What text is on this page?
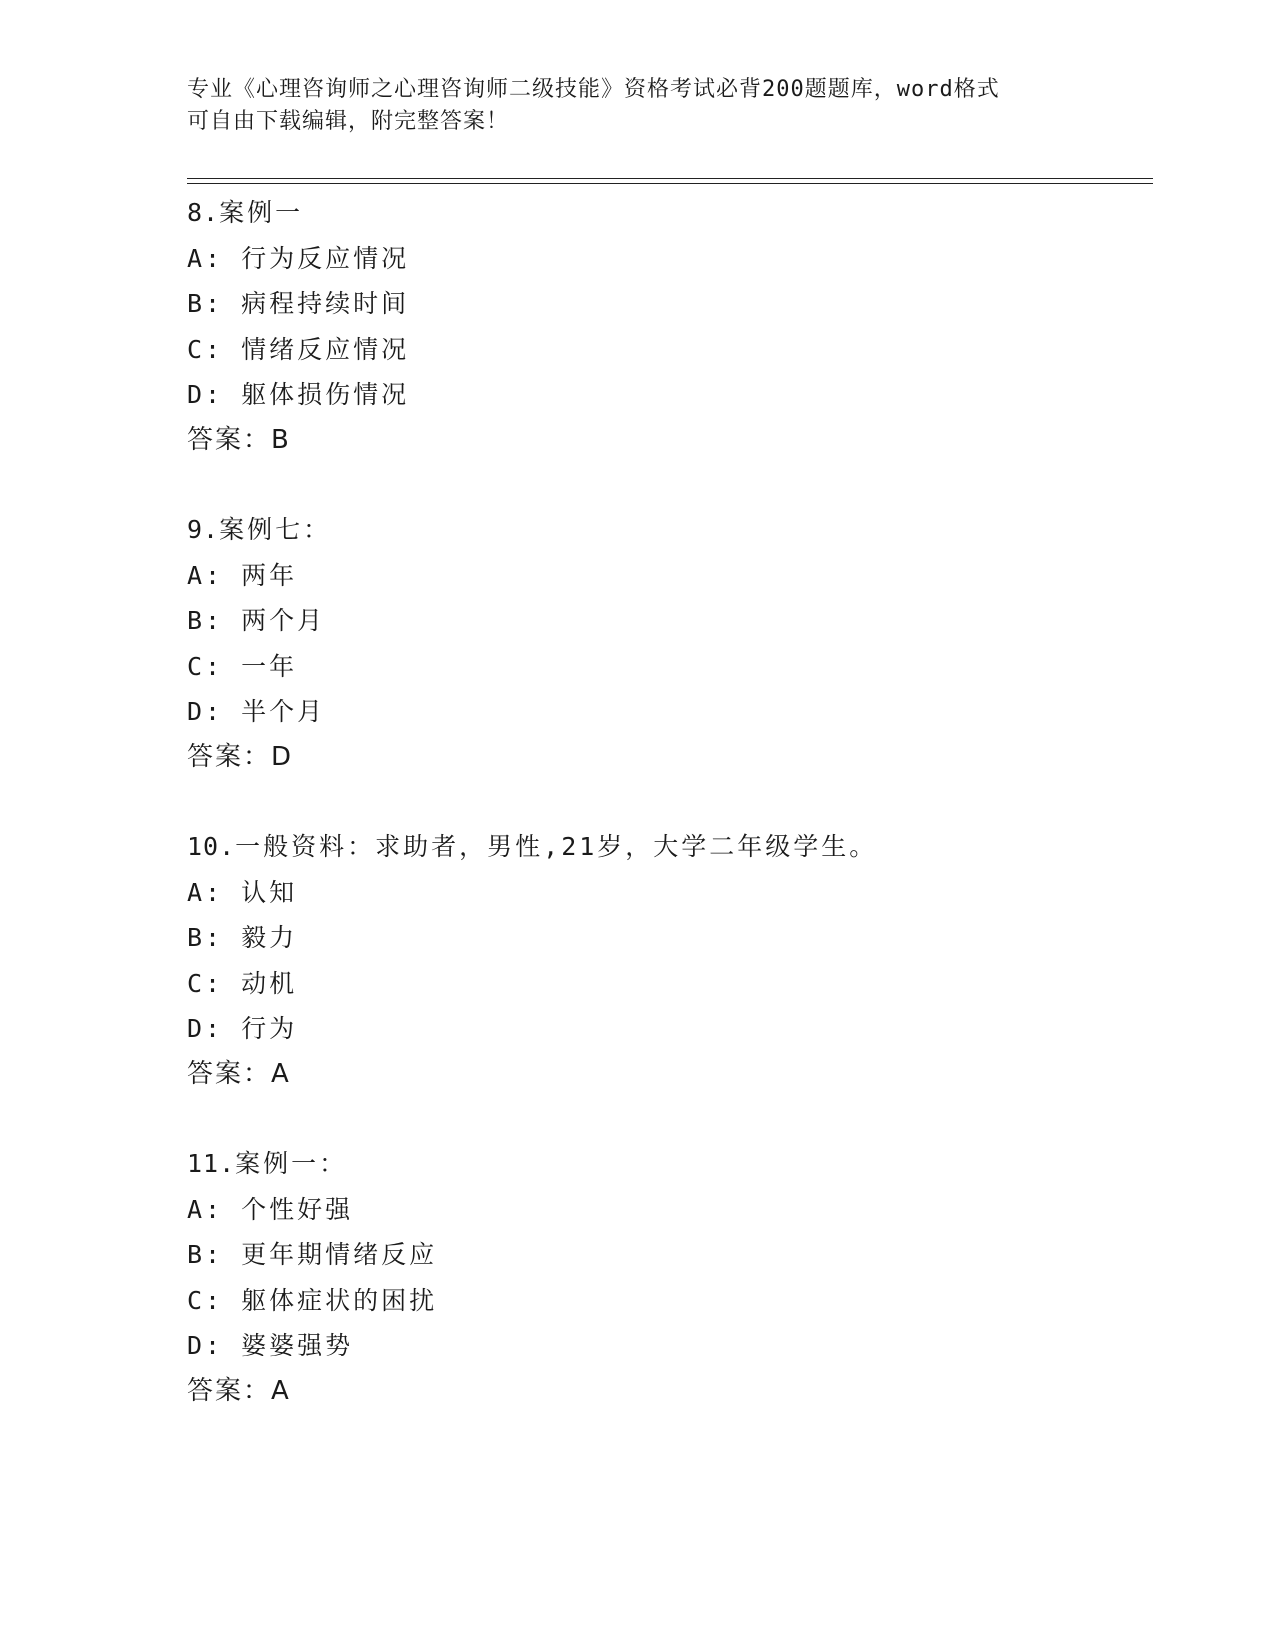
专业《心理咨询师之心理咨询师二级技能》资格考试必背200题题库，word格式
可自由下载编辑，附完整答案！
8.案例一
A: 行为反应情况
B: 病程持续时间
C: 情绪反应情况
D: 躯体损伤情况
答案：B
9.案例七：
A: 两年
B: 两个月
C: 一年
D: 半个月
答案：D
10.一般资料：求助者，男性,21岁，大学二年级学生。
A: 认知
B: 毅力
C: 动机
D: 行为
答案：A
11.案例一：
A: 个性好强
B: 更年期情绪反应
C: 躯体症状的困扰
D: 婆婆强势
答案：A
